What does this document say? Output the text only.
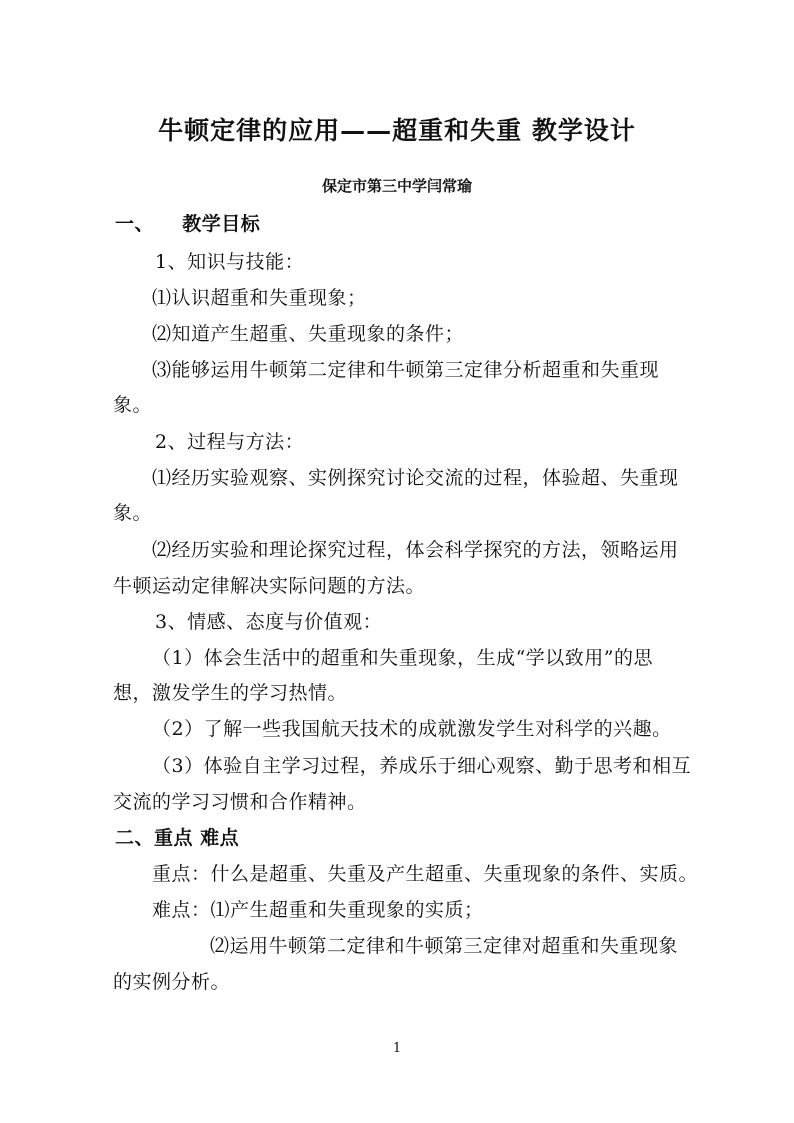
牛顿定律的应用——超重和失重 教学设计
保定市第三中学闫常瑜
一、 教学目标
1、知识与技能：
⑴认识超重和失重现象；
⑵知道产生超重、失重现象的条件；
⑶能够运用牛顿第二定律和牛顿第三定律分析超重和失重现
象。
2、过程与方法：
⑴经历实验观察、实例探究讨论交流的过程，体验超、失重现
象。
⑵经历实验和理论探究过程，体会科学探究的方法，领略运用
牛顿运动定律解决实际问题的方法。
3、情感、态度与价值观：
（1）体会生活中的超重和失重现象，生成“学以致用”的思
想，激发学生的学习热情。
（2）了解一些我国航天技术的成就激发学生对科学的兴趣。
（3）体验自主学习过程，养成乐于细心观察、勤于思考和相互
交流的学习习惯和合作精神。
二、重点 难点
重点：什么是超重、失重及产生超重、失重现象的条件、实质。
难点：⑴产生超重和失重现象的实质；
⑵运用牛顿第二定律和牛顿第三定律对超重和失重现象
的实例分析。
1
